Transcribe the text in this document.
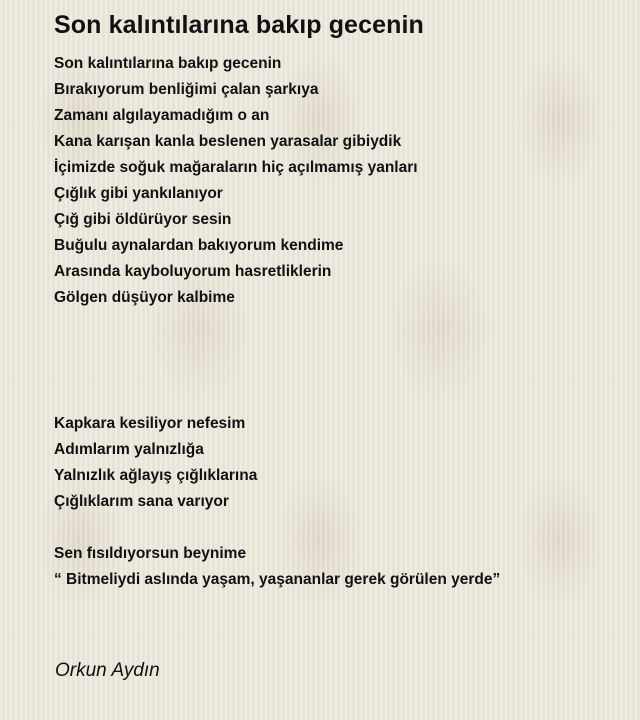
Son kalıntılarına bakıp gecenin
Son kalıntılarına bakıp gecenin
Bırakıyorum benliğimi çalan şarkıya
Zamanı algılayamadığım o an
Kana karışan kanla beslenen yarasalar gibiydik
İçimizde soğuk mağaraların hiç açılmamış yanları
Çığlık gibi yankılanıyor
Çığ gibi öldürüyor sesin
Buğulu aynalardan bakıyorum kendime
Arasında kayboluyorum hasretliklerin
Gölgen düşüyor kalbime
Kapkara kesiliyor nefesim
Adımlarım yalnızlığa
Yalnızlık ağlayış çığlıklarına
Çığlıklarım sana varıyor
Sen fısıldıyorsun beynime
“ Bitmeliydi aslında yaşam, yaşananlar gerek görülen yerde”

Orkun Aydın
